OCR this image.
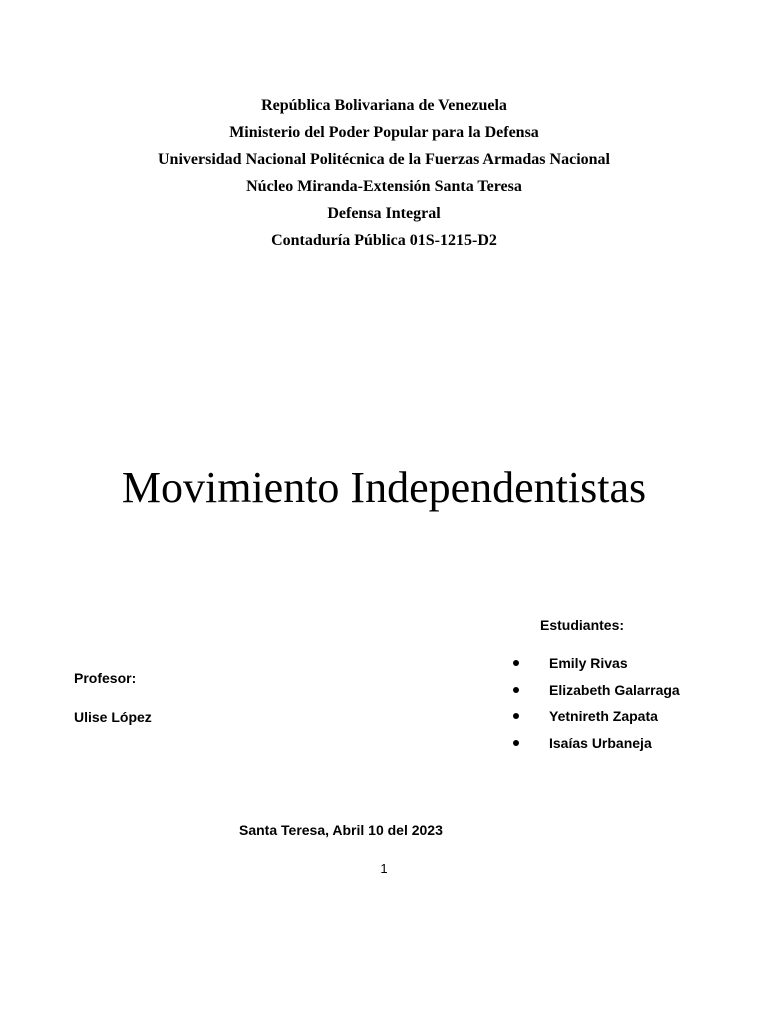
República Bolivariana de Venezuela
Ministerio del Poder Popular para la Defensa
Universidad Nacional Politécnica de la Fuerzas Armadas Nacional
Núcleo Miranda-Extensión Santa Teresa
Defensa Integral
Contaduría Pública 01S-1215-D2
Movimiento Independentistas
Estudiantes:
Emily Rivas
Elizabeth Galarraga
Yetnireth Zapata
Isaías Urbaneja
Profesor:
Ulise López
Santa Teresa, Abril 10 del 2023
1
